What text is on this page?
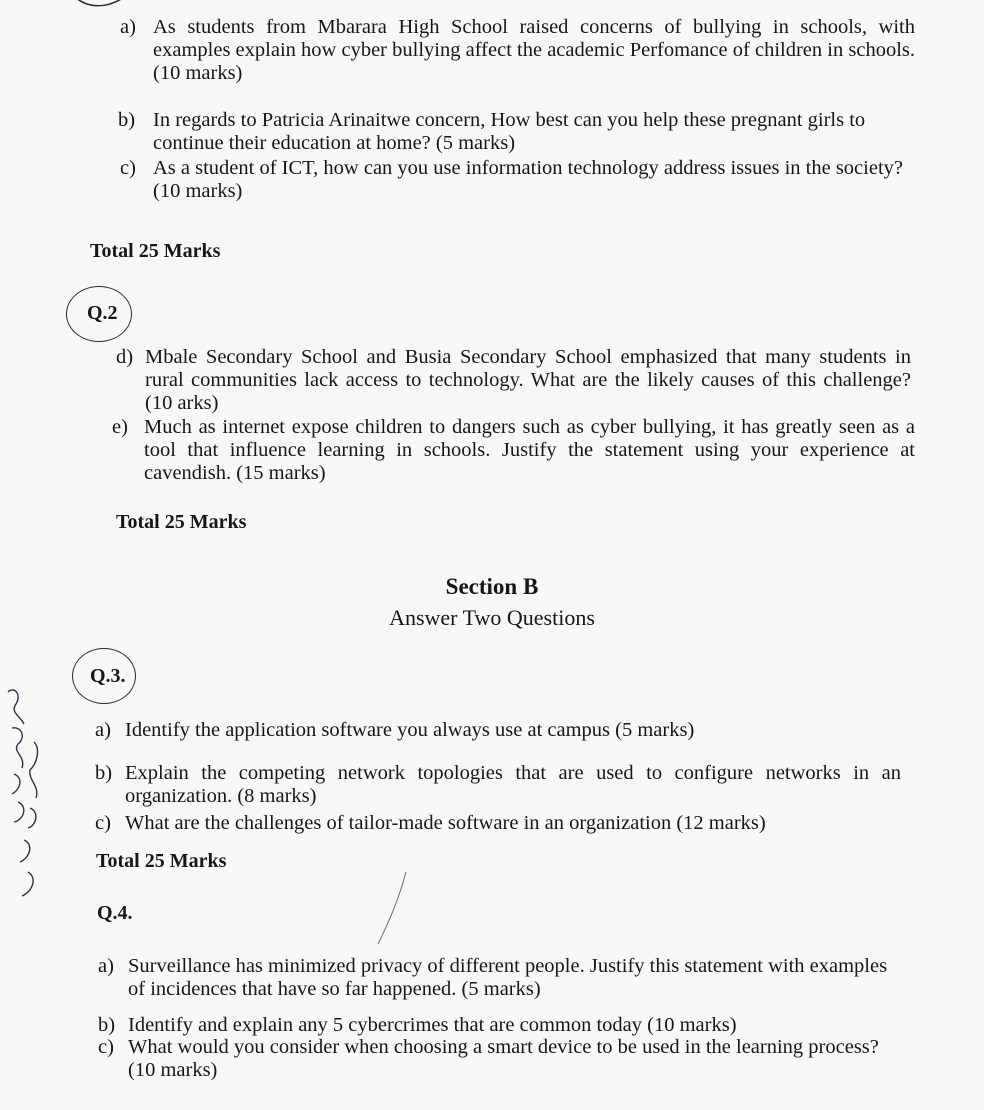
a) As students from Mbarara High School raised concerns of bullying in schools, with examples explain how cyber bullying affect the academic Perfomance of children in schools.(10 marks)
b) In regards to Patricia Arinaitwe concern, How best can you help these pregnant girls to continue their education at home? (5 marks)
c) As a student of ICT, how can you use information technology address issues in the society? (10 marks)
Total 25 Marks
Q.2
d) Mbale Secondary School and Busia Secondary School emphasized that many students in rural communities lack access to technology. What are the likely causes of this challenge? (10 arks)
e) Much as internet expose children to dangers such as cyber bullying, it has greatly seen as a tool that influence learning in schools. Justify the statement using your experience at cavendish. (15 marks)
Total 25 Marks
Section B
Answer Two Questions
Q.3.
a) Identify the application software you always use at campus (5 marks)
b) Explain the competing network topologies that are used to configure networks in an organization. (8 marks)
c) What are the challenges of tailor-made software in an organization (12 marks)
Total 25 Marks
Q.4.
a) Surveillance has minimized privacy of different people. Justify this statement with examples of incidences that have so far happened. (5 marks)
b) Identify and explain any 5 cybercrimes that are common today (10 marks)
c) What would you consider when choosing a smart device to be used in the learning process? (10 marks)
